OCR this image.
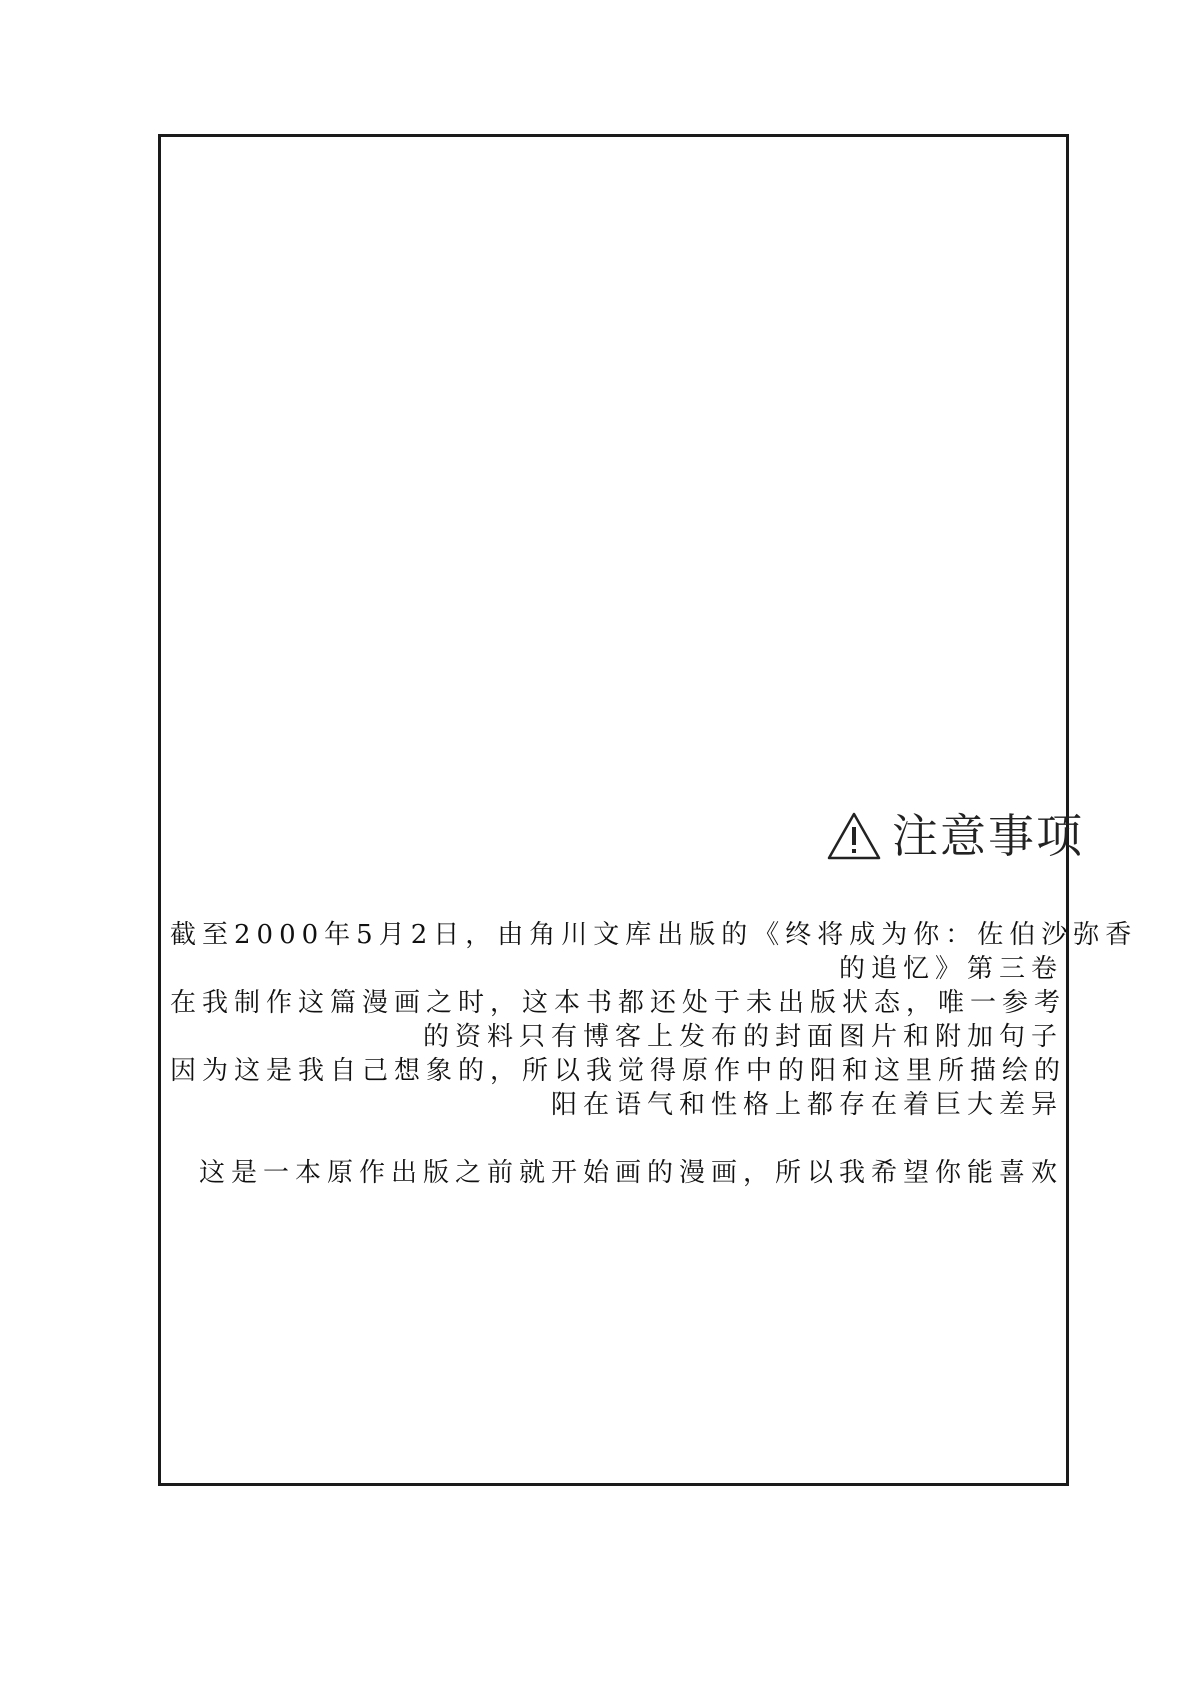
注意事项
截至2000年5月2日，由角川文库出版的《终将成为你：佐伯沙弥香
的追忆》第三卷
在我制作这篇漫画之时，这本书都还处于未出版状态，唯一参考
的资料只有博客上发布的封面图片和附加句子
因为这是我自己想象的，所以我觉得原作中的阳和这里所描绘的
阳在语气和性格上都存在着巨大差异
这是一本原作出版之前就开始画的漫画，所以我希望你能喜欢
